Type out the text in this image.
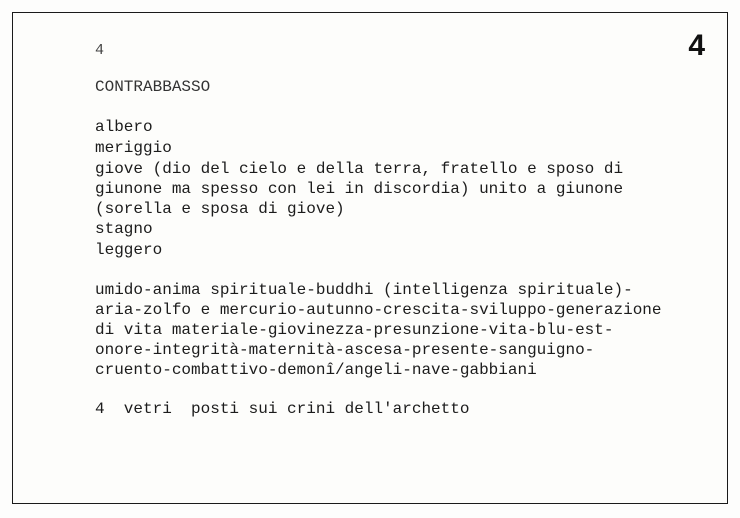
4
4
CONTRABBASSO
albero
meriggio
giove (dio del cielo e della terra, fratello e sposo di
giunone ma spesso con lei in discordia) unito a giunone
(sorella e sposa di giove)
stagno
leggero
umido-anima spirituale-buddhi (intelligenza spirituale)-
aria-zolfo e mercurio-autunno-crescita-sviluppo-generazione
di vita materiale-giovinezza-presunzione-vita-blu-est-
onore-integrità-maternità-ascesa-presente-sanguigno-
cruento-combattivo-demonî/angeli-nave-gabbiani
4  vetri  posti sui crini dell'archetto
